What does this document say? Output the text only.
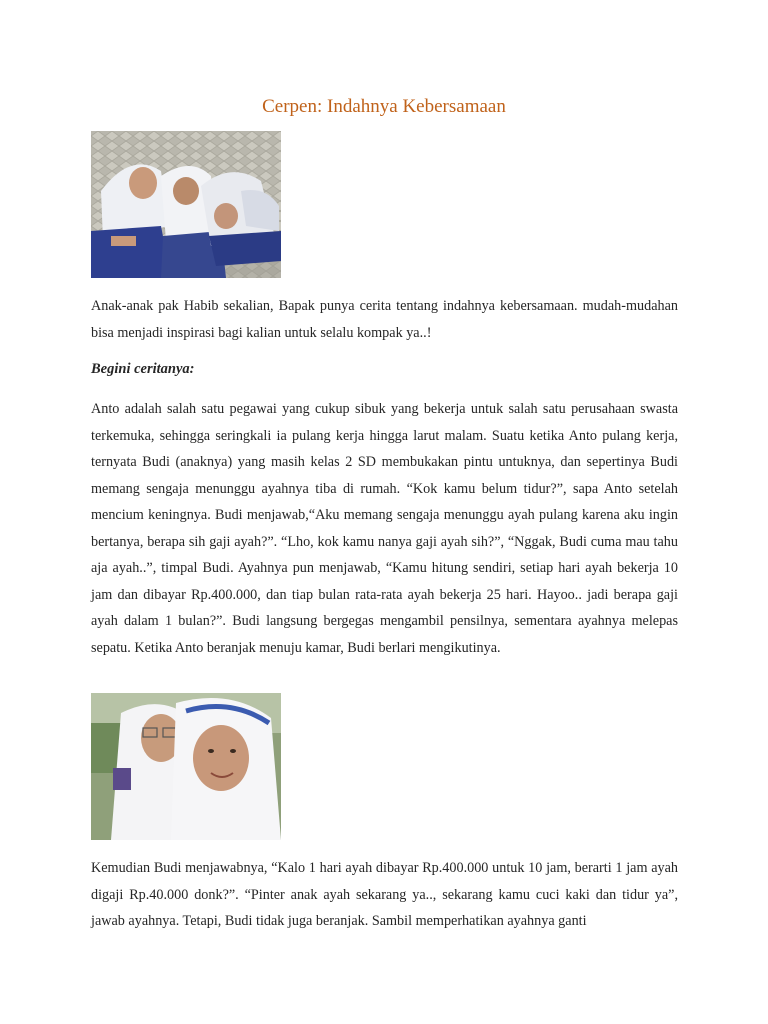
Cerpen: Indahnya Kebersamaan

Anak-anak pak Habib sekalian, Bapak punya cerita tentang indahnya kebersamaan. mudah-mudahan bisa menjadi inspirasi bagi kalian untuk selalu kompak ya..!

Begini ceritanya:

Anto adalah salah satu pegawai yang cukup sibuk yang bekerja untuk salah satu perusahaan swasta terkemuka, sehingga seringkali ia pulang kerja hingga larut malam. Suatu ketika Anto pulang kerja, ternyata Budi (anaknya) yang masih kelas 2 SD membukakan pintu untuknya, dan sepertinya Budi memang sengaja menunggu ayahnya tiba di rumah. “Kok kamu belum tidur?”, sapa Anto setelah mencium keningnya. Budi menjawab,“Aku memang sengaja menunggu ayah pulang karena aku ingin bertanya, berapa sih gaji ayah?”. “Lho, kok kamu nanya gaji ayah sih?”, “Nggak, Budi cuma mau tahu aja ayah..”, timpal Budi. Ayahnya pun menjawab, “Kamu hitung sendiri, setiap hari ayah bekerja 10 jam dan dibayar Rp.400.000, dan tiap bulan rata-rata ayah bekerja 25 hari. Hayoo.. jadi berapa gaji ayah dalam 1 bulan?”. Budi langsung bergegas mengambil pensilnya, sementara ayahnya melepas sepatu. Ketika Anto beranjak menuju kamar, Budi berlari mengikutinya.

Kemudian Budi menjawabnya, “Kalo 1 hari ayah dibayar Rp.400.000 untuk 10 jam, berarti 1 jam ayah digaji Rp.40.000 donk?”. “Pinter anak ayah sekarang ya.., sekarang kamu cuci kaki dan tidur ya”, jawab ayahnya. Tetapi, Budi tidak juga beranjak. Sambil memperhatikan ayahnya ganti
